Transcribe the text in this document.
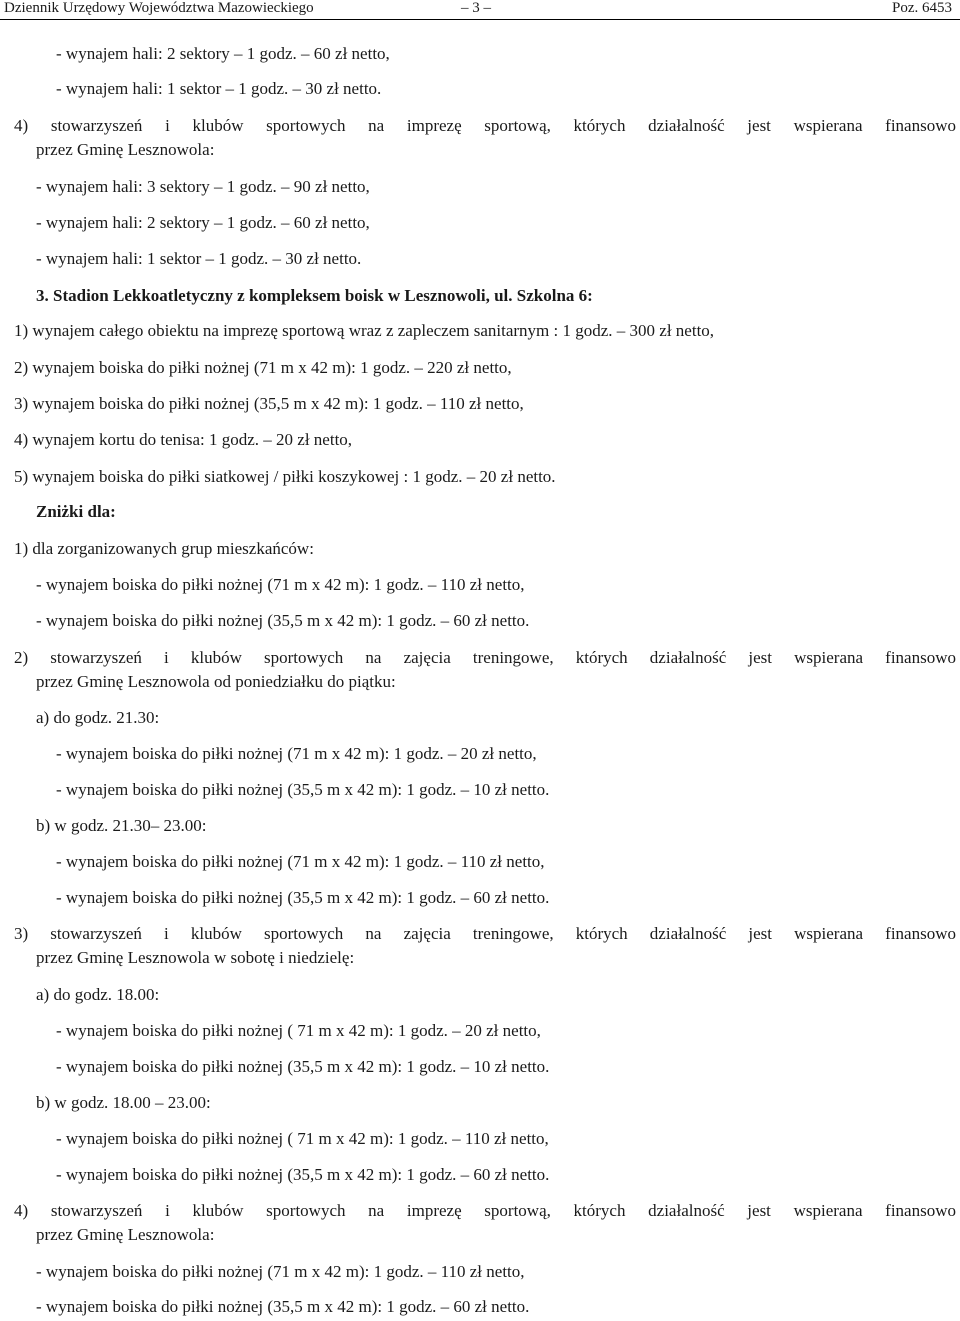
Dziennik Urzędowy Województwa Mazowieckiego	– 3 –	Poz. 6453
- wynajem hali: 2 sektory – 1 godz. – 60 zł netto,
- wynajem hali: 1 sektor – 1 godz. – 30 zł netto.
4) stowarzyszeń i klubów sportowych na imprezę sportową, których działalność jest wspierana finansowo
przez Gminę Lesznowola:
- wynajem hali: 3 sektory – 1 godz. – 90 zł netto,
- wynajem hali: 2 sektory – 1 godz. – 60 zł netto,
- wynajem hali: 1 sektor – 1 godz. – 30 zł netto.
3. Stadion Lekkoatletyczny z kompleksem boisk w Lesznowoli, ul. Szkolna 6:
1) wynajem całego obiektu na imprezę sportową wraz z zapleczem sanitarnym : 1 godz. – 300 zł netto,
2) wynajem boiska do piłki nożnej (71 m x 42 m): 1 godz. – 220 zł netto,
3) wynajem boiska do piłki nożnej (35,5 m x 42 m): 1 godz. – 110 zł netto,
4) wynajem kortu do tenisa: 1 godz. – 20 zł netto,
5) wynajem boiska do piłki siatkowej / piłki koszykowej : 1 godz. – 20 zł netto.
Zniżki dla:
1) dla zorganizowanych grup mieszkańców:
- wynajem boiska do piłki nożnej (71 m x 42 m): 1 godz. – 110 zł netto,
- wynajem boiska do piłki nożnej (35,5 m x 42 m): 1 godz. – 60 zł netto.
2) stowarzyszeń i klubów sportowych na zajęcia treningowe, których działalność jest wspierana finansowo
przez Gminę Lesznowola od poniedziałku do piątku:
a) do godz. 21.30:
- wynajem boiska do piłki nożnej (71 m x 42 m): 1 godz. – 20 zł netto,
- wynajem boiska do piłki nożnej (35,5 m x 42 m): 1 godz. – 10 zł netto.
b) w godz. 21.30– 23.00:
- wynajem boiska do piłki nożnej (71 m x 42 m): 1 godz. – 110 zł netto,
- wynajem boiska do piłki nożnej (35,5 m x 42 m): 1 godz. – 60 zł netto.
3) stowarzyszeń i klubów sportowych na zajęcia treningowe, których działalność jest wspierana finansowo
przez Gminę Lesznowola w sobotę i niedzielę:
a) do godz. 18.00:
- wynajem boiska do piłki nożnej ( 71 m x 42 m): 1 godz. – 20 zł netto,
- wynajem boiska do piłki nożnej (35,5 m x 42 m): 1 godz. – 10 zł netto.
b) w godz. 18.00 – 23.00:
- wynajem boiska do piłki nożnej ( 71 m x 42 m): 1 godz. – 110 zł netto,
- wynajem boiska do piłki nożnej (35,5 m x 42 m): 1 godz. – 60 zł netto.
4) stowarzyszeń i klubów sportowych na imprezę sportową, których działalność jest wspierana finansowo
przez Gminę Lesznowola:
- wynajem boiska do piłki nożnej (71 m x 42 m): 1 godz. – 110 zł netto,
- wynajem boiska do piłki nożnej (35,5 m x 42 m): 1 godz. – 60 zł netto.
